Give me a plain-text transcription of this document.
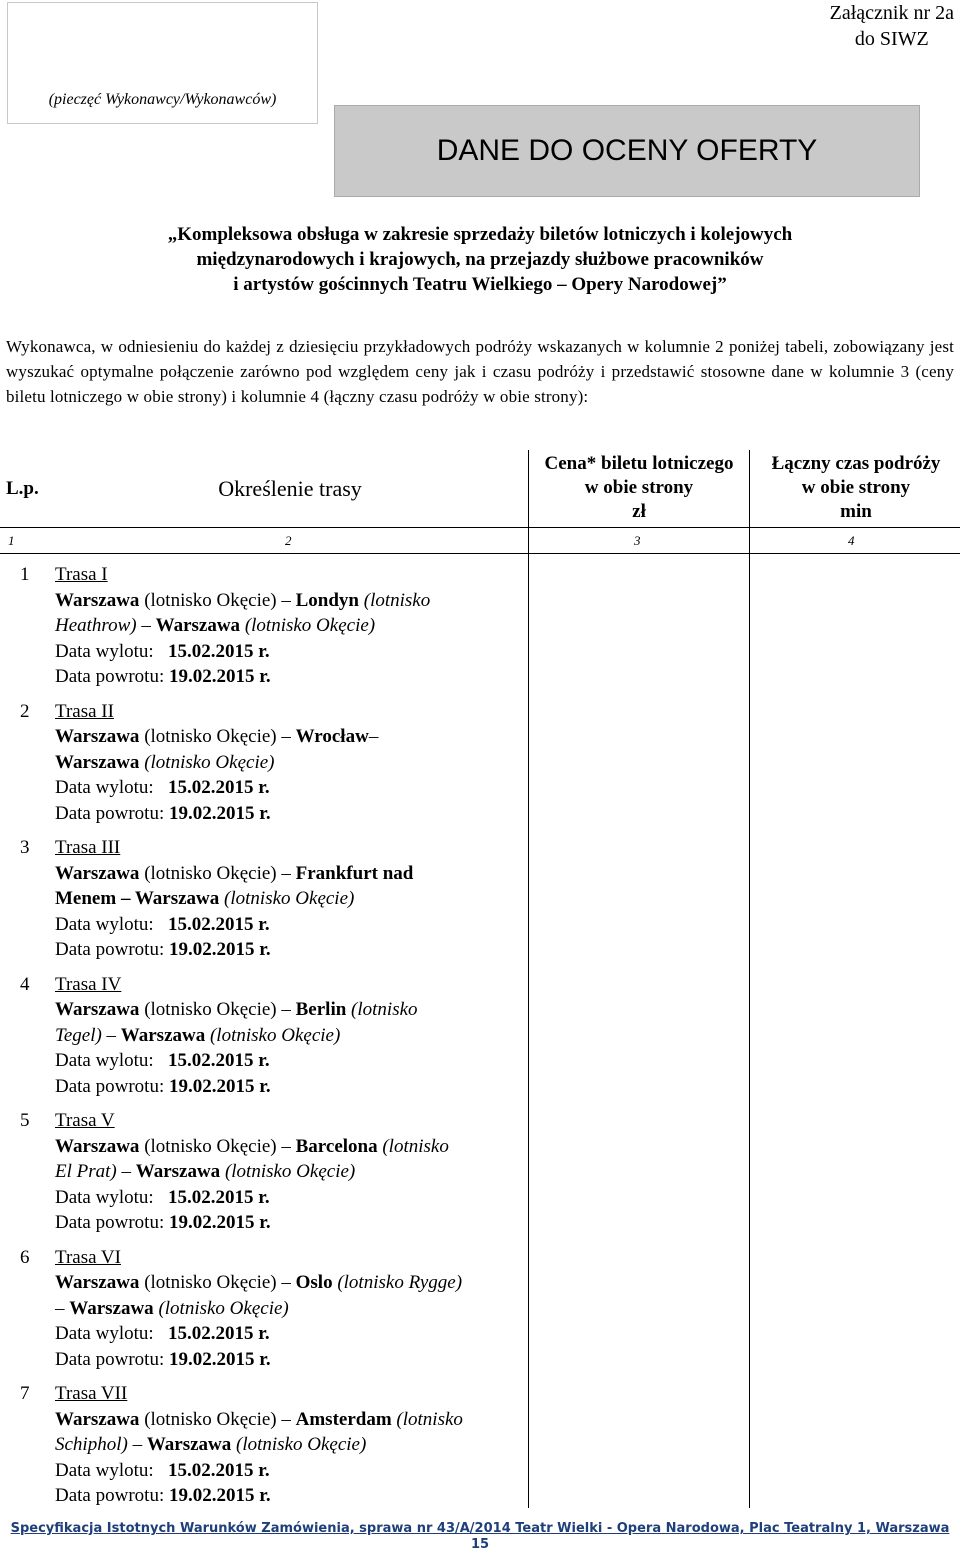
Załącznik nr 2a
do SIWZ
(pieczęć Wykonawcy/Wykonawców)
DANE DO OCENY OFERTY
„Kompleksowa obsługa w zakresie sprzedaży biletów lotniczych i kolejowych
międzynarodowych i krajowych, na przejazdy służbowe pracowników
i artystów gościnnych Teatru Wielkiego – Opery Narodowej”
Wykonawca, w odniesieniu do każdej z dziesięciu przykładowych podróży wskazanych w kolumnie 2 poniżej tabeli, zobowiązany jest wyszukać optymalne połączenie zarówno pod względem ceny jak i czasu podróży i przedstawić stosowne dane w kolumnie 3 (ceny biletu lotniczego w obie strony) i kolumnie 4 (łączny czasu podróży w obie strony):
L.p.	Określenie trasy
Cena* biletu lotniczego
w obie strony
zł
Łączny czas podróży
w obie strony
min
1	2	3	4
1 Trasa I
Warszawa (lotnisko Okęcie) – Londyn (lotnisko
Heathrow) – Warszawa (lotnisko Okęcie)
Data wylotu: 15.02.2015 r.
Data powrotu: 19.02.2015 r.
2 Trasa II
Warszawa (lotnisko Okęcie) – Wrocław–
Warszawa (lotnisko Okęcie)
Data wylotu: 15.02.2015 r.
Data powrotu: 19.02.2015 r.
3 Trasa III
Warszawa (lotnisko Okęcie) – Frankfurt nad
Menem – Warszawa (lotnisko Okęcie)
Data wylotu: 15.02.2015 r.
Data powrotu: 19.02.2015 r.
4 Trasa IV
Warszawa (lotnisko Okęcie) – Berlin (lotnisko
Tegel) – Warszawa (lotnisko Okęcie)
Data wylotu: 15.02.2015 r.
Data powrotu: 19.02.2015 r.
5 Trasa V
Warszawa (lotnisko Okęcie) – Barcelona (lotnisko
El Prat) – Warszawa (lotnisko Okęcie)
Data wylotu: 15.02.2015 r.
Data powrotu: 19.02.2015 r.
6 Trasa VI
Warszawa (lotnisko Okęcie) – Oslo (lotnisko Rygge)
– Warszawa (lotnisko Okęcie)
Data wylotu: 15.02.2015 r.
Data powrotu: 19.02.2015 r.
7 Trasa VII
Warszawa (lotnisko Okęcie) – Amsterdam (lotnisko
Schiphol) – Warszawa (lotnisko Okęcie)
Data wylotu: 15.02.2015 r.
Data powrotu: 19.02.2015 r.
Specyfikacja Istotnych Warunków Zamówienia, sprawa nr 43/A/2014 Teatr Wielki - Opera Narodowa, Plac Teatralny 1, Warszawa
15
